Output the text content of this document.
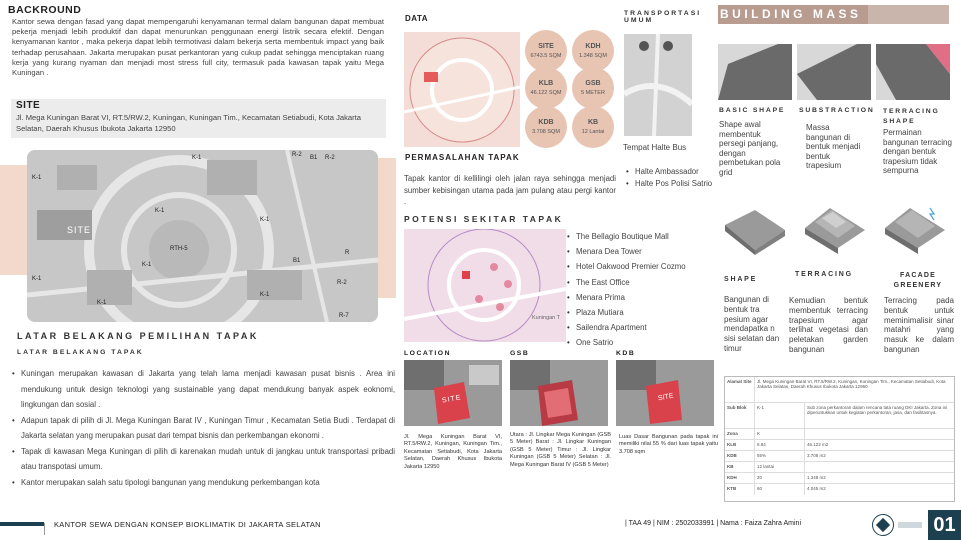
BACKROUND
Kantor sewa dengan fasad yang dapat mempengaruhi kenyamanan termal dalam bangunan dapat membuat pekerja menjadi lebih produktif dan dapat menurunkan penggunaan energi listrik secara efektif. Dengan kenyamanan kantor , maka pekerja dapat lebih termotivasi dalam bekerja serta membentuk impact yang baik terhadap perusahaan. Jakarta merupakan pusat perkantoran yang cukup padat sehingga menciptakan ruang kerja yang kurang nyaman dan menjadi most stress full city, termasuk pada kawasan tapak yaitu Mega Kuningan .
SITE
Jl. Mega Kuningan Barat VI, RT.5/RW.2, Kuningan, Kuningan Tim., Kecamatan Setiabudi, Kota Jakarta Selatan, Daerah Khusus Ibukota Jakarta 12950
SITE
RTH-5
K-1
K-1
K-1
K-1
K-1
K-1
K-1
K-1
R-2	R-2
R-2
B1
B1
R-7
R
LATAR BELAKANG PEMILIHAN TAPAK
LATAR BELAKANG TAPAK
• Kuningan merupakan kawasan di Jakarta yang telah lama menjadi kawasan pusat bisnis . Area ini mendukung untuk design teknologi yang sustainable yang dapat mendukung banyak aspek eoknomi, lingkungan dan sosial .
• Adapun tapak di pilih di Jl. Mega Kuningan Barat IV , Kuningan Timur , Kecamatan Setia Budi . Terdapat di Jakarta selatan yang merupakan pusat dari tempat bisnis dan perkembangan ekonomi .
• Tapak di kawasan Mega Kuningan di pilih di karenakan mudah untuk di jangkau untuk transportasi pribadi atau transpotasi umum.
• Kantor merupakan salah satu tipologi bangunan yang mendukung perkembangan kota
DATA
SITE
6743.5 SQM
KDH
1.348 SQM
KLB
46.122 SQM
GSB
5 METER
KDB
3.708 SQM
KB
12 Lantai
TRANSPORTASI
UMUM
Tempat Halte Bus
• Halte Ambassador
• Halte Pos Polisi Satrio
PERMASALAHAN TAPAK
Tapak kantor di kellilingi oleh jalan raya sehingga menjadi sumber kebisingan utama pada jam pulang atau pergi kantor .
POTENSI SEKITAR TAPAK
Kuningan T
• The Bellagio Boutique Mall
• Menara Dea Tower
• Hotel Oakwood Premier Cozmo
• The East Office
• Menara Prima
• Plaza Mutiara
• Sailendra Apartment
• One Satrio
LOCATION	GSB	KDB
SITE	SITE
Jl. Mega Kuningan Barat VI, RT.5/RW.2, Kuningan, Kuningan Tim., Kecamatan Setiabudi, Kota Jakarta Selatan, Daerah Khusus Ibukota Jakarta 12950
Utara : Jl. Lingkar Mega Kuningan (GSB 5 Meter) Barat : Jl. Lingkar Kuningan (GSB 5 Meter) Timur : Jl. Lingkar Kuningan (GSB 5 Meter) Selatan : Jl. Mega Kuningan Barat IV (GSB 5 Meter)
Luas Dasar Bangunan pada tapak ini memiliki nilai 55 % dari luas tapak yaitu 3.708 sqm
BUILDING MASS
BASIC SHAPE SUBSTRACTION TERRACING SHAPE
Shape awal membentuk persegi panjang, dengan pembetukan pola grid
Massa bangunan di bentuk menjadi bentuk trapesium
Permainan bangunan terracing dengan bentuk trapesium tidak sempurna
SHAPE
TERRACING	FACADE GREENERY
Bangunan di bentuk tra pesium agar mendapatka n sisi selatan dan timur
Kemudian bentuk membentuk terracing trapesium agar terlihat vegetasi dan peletakan garden bangunan
Terracing pada bentuk untuk meminimalisir sinar matahri yang masuk ke dalam bangunan
Alamat Site	Jl. Mega Kuningan Barat VI, RT.5/RW.2, Kuningan, Kuningan Tim., Kecamatan Setiabudi, Kota Jakarta Selatan, Daerah Khusus Ibukota Jakarta 12950
Sub Blok	K-1	Sub zona perkantoran dalam rencana tata ruang DKI Jakarta. Zona ini diperuntukkan untuk kegiatan perkantoran, jasa, dan fasilitasnya.
Zona	K
KLB	6.84	46.122 m2
KDB	55%	3.708 m2
KB	12 lantai
KDH	20	1.348 m2
KTB	60	4.045 m2
KANTOR SEWA DENGAN KONSEP BIOKLIMATIK DI JAKARTA SELATAN	| TAA 49 | NIM : 2502033991 | Nama : Faiza Zahra Amini	01
